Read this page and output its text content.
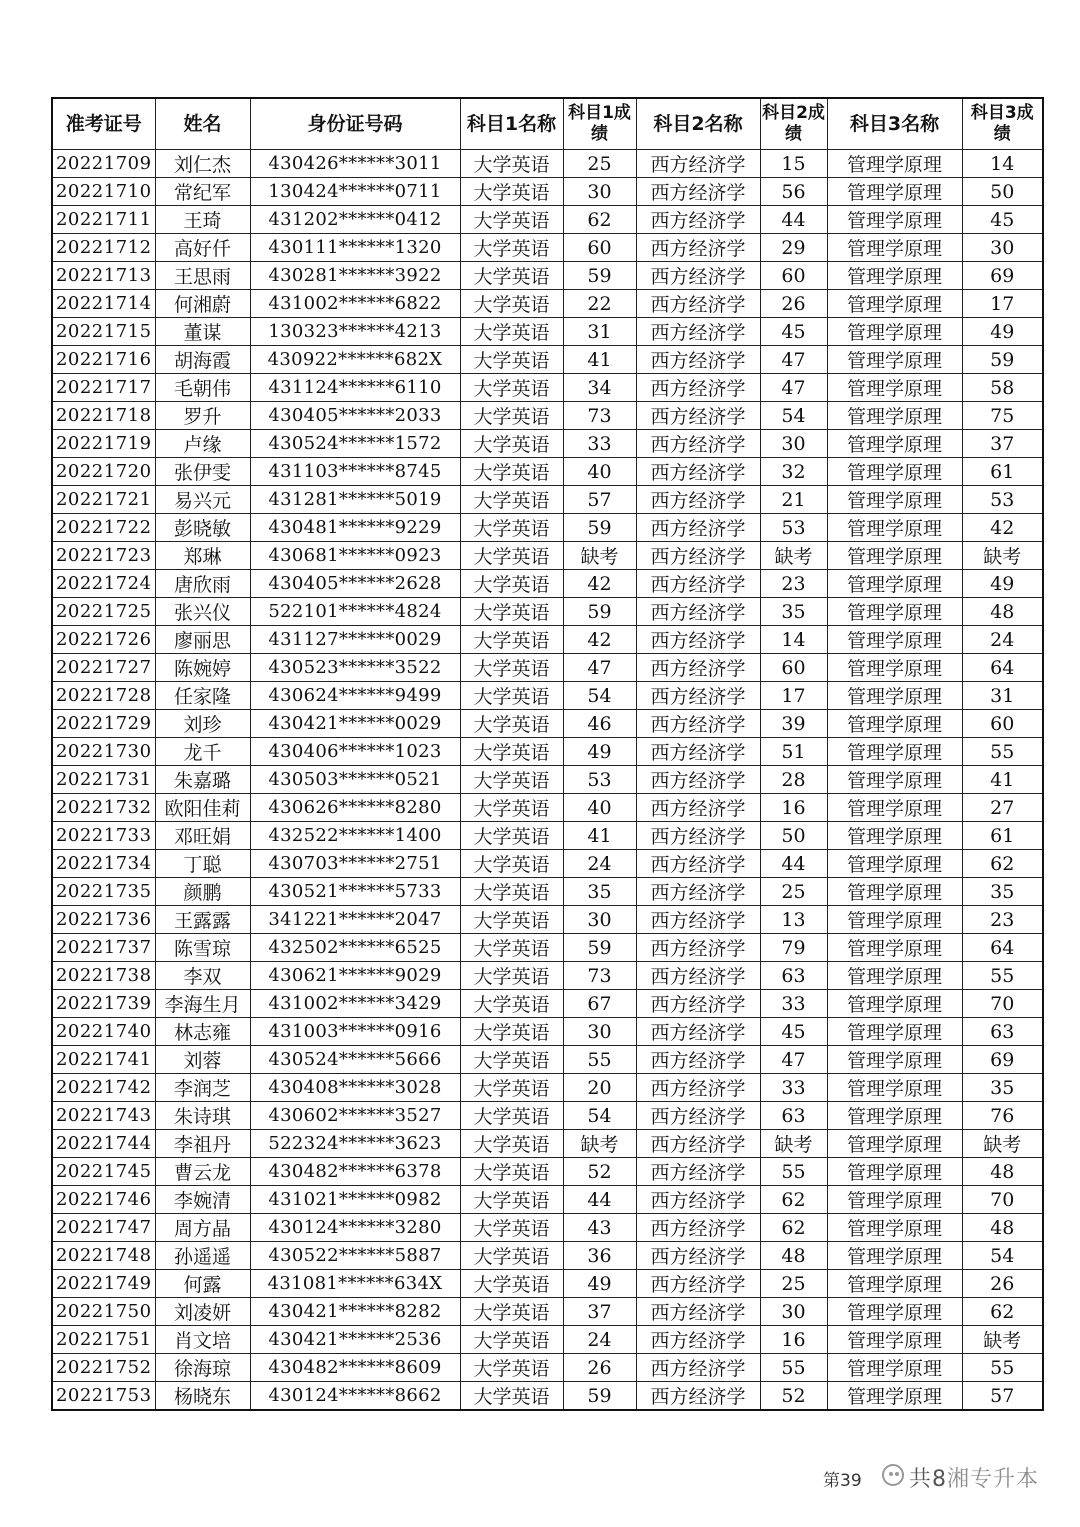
准考证号	姓名	身份证号码	科目1名称	科目1成绩	科目2名称	科目2成绩	科目3名称	科目3成绩
20221709	刘仁杰	430426******3011	大学英语	25	西方经济学	15	管理学原理	14
20221710	常纪军	130424******0711	大学英语	30	西方经济学	56	管理学原理	50
20221711	王琦	431202******0412	大学英语	62	西方经济学	44	管理学原理	45
20221712	高好仟	430111******1320	大学英语	60	西方经济学	29	管理学原理	30
20221713	王思雨	430281******3922	大学英语	59	西方经济学	60	管理学原理	69
20221714	何湘蔚	431002******6822	大学英语	22	西方经济学	26	管理学原理	17
20221715	董谋	130323******4213	大学英语	31	西方经济学	45	管理学原理	49
20221716	胡海霞	430922******682X	大学英语	41	西方经济学	47	管理学原理	59
20221717	毛朝伟	431124******6110	大学英语	34	西方经济学	47	管理学原理	58
20221718	罗升	430405******2033	大学英语	73	西方经济学	54	管理学原理	75
20221719	卢缘	430524******1572	大学英语	33	西方经济学	30	管理学原理	37
20221720	张伊雯	431103******8745	大学英语	40	西方经济学	32	管理学原理	61
20221721	易兴元	431281******5019	大学英语	57	西方经济学	21	管理学原理	53
20221722	彭晓敏	430481******9229	大学英语	59	西方经济学	53	管理学原理	42
20221723	郑琳	430681******0923	大学英语	缺考	西方经济学	缺考	管理学原理	缺考
20221724	唐欣雨	430405******2628	大学英语	42	西方经济学	23	管理学原理	49
20221725	张兴仪	522101******4824	大学英语	59	西方经济学	35	管理学原理	48
20221726	廖丽思	431127******0029	大学英语	42	西方经济学	14	管理学原理	24
20221727	陈婉婷	430523******3522	大学英语	47	西方经济学	60	管理学原理	64
20221728	任家隆	430624******9499	大学英语	54	西方经济学	17	管理学原理	31
20221729	刘珍	430421******0029	大学英语	46	西方经济学	39	管理学原理	60
20221730	龙千	430406******1023	大学英语	49	西方经济学	51	管理学原理	55
20221731	朱嘉璐	430503******0521	大学英语	53	西方经济学	28	管理学原理	41
20221732	欧阳佳莉	430626******8280	大学英语	40	西方经济学	16	管理学原理	27
20221733	邓旺娟	432522******1400	大学英语	41	西方经济学	50	管理学原理	61
20221734	丁聪	430703******2751	大学英语	24	西方经济学	44	管理学原理	62
20221735	颜鹏	430521******5733	大学英语	35	西方经济学	25	管理学原理	35
20221736	王露露	341221******2047	大学英语	30	西方经济学	13	管理学原理	23
20221737	陈雪琼	432502******6525	大学英语	59	西方经济学	79	管理学原理	64
20221738	李双	430621******9029	大学英语	73	西方经济学	63	管理学原理	55
20221739	李海生月	431002******3429	大学英语	67	西方经济学	33	管理学原理	70
20221740	林志雍	431003******0916	大学英语	30	西方经济学	45	管理学原理	63
20221741	刘蓉	430524******5666	大学英语	55	西方经济学	47	管理学原理	69
20221742	李润芝	430408******3028	大学英语	20	西方经济学	33	管理学原理	35
20221743	朱诗琪	430602******3527	大学英语	54	西方经济学	63	管理学原理	76
20221744	李祖丹	522324******3623	大学英语	缺考	西方经济学	缺考	管理学原理	缺考
20221745	曹云龙	430482******6378	大学英语	52	西方经济学	55	管理学原理	48
20221746	李婉清	431021******0982	大学英语	44	西方经济学	62	管理学原理	70
20221747	周方晶	430124******3280	大学英语	43	西方经济学	62	管理学原理	48
20221748	孙遥遥	430522******5887	大学英语	36	西方经济学	48	管理学原理	54
20221749	何露	431081******634X	大学英语	49	西方经济学	25	管理学原理	26
20221750	刘凌妍	430421******8282	大学英语	37	西方经济学	30	管理学原理	62
20221751	肖文培	430421******2536	大学英语	24	西方经济学	16	管理学原理	缺考
20221752	徐海琼	430482******8609	大学英语	26	西方经济学	55	管理学原理	55
20221753	杨晓东	430124******8662	大学英语	59	西方经济学	52	管理学原理	57
第39 共8湘专升本
